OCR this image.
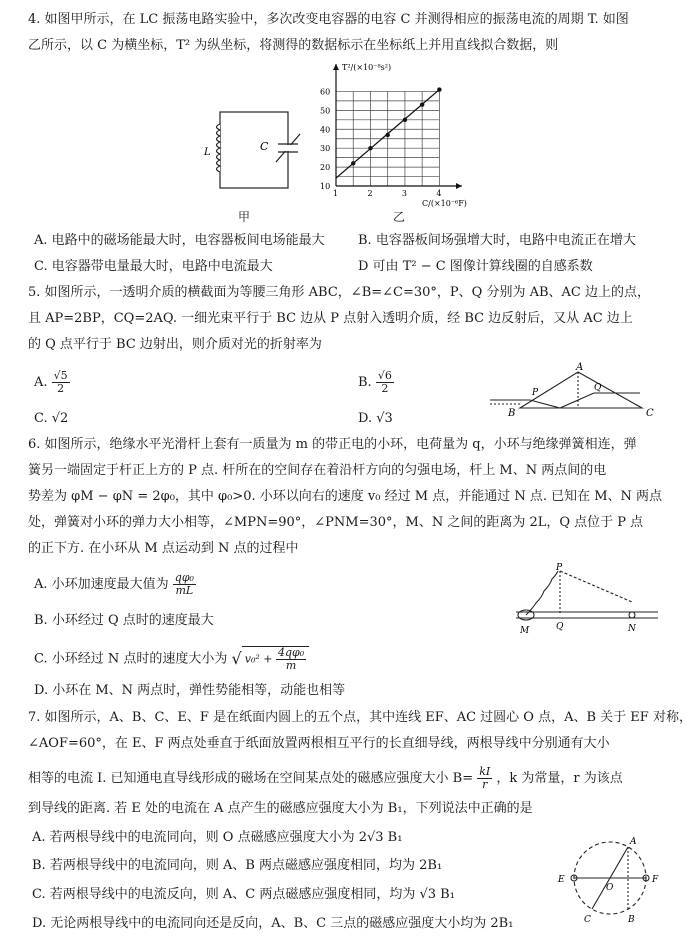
4. 如图甲所示，在 LC 振荡电路实验中，多次改变电容器的电容 C 并测得相应的振荡电流的周期 T. 如图
乙所示，以 C 为横坐标，T² 为纵坐标，将测得的数据标示在坐标纸上并用直线拟合数据，则
L	C
甲
1	2	3	4
10
20
30
40
50
60
T²/(×10⁻⁸s²)
C/(×10⁻⁶F)
乙
A. 电路中的磁场能最大时，电容器板间电场能最大	B. 电容器板间场强增大时，电路中电流正在增大
C. 电容器带电量最大时，电路中电流最大	D 可由 T² − C 图像计算线圈的自感系数
5. 如图所示，一透明介质的横截面为等腰三角形 ABC，∠B=∠C=30°，P、Q 分别为 AB、AC 边上的点，
且 AP=2BP，CQ=2AQ. 一细光束平行于 BC 边从 P 点射入透明介质，经 BC 边反射后，又从 AC 边上
的 Q 点平行于 BC 边射出，则介质对光的折射率为
A. $\frac{√5}{2}$	B. $\frac{√6}{2}$
C. √2	D. √3
A
B	C
P	Q
6. 如图所示，绝缘水平光滑杆上套有一质量为 m 的带正电的小环，电荷量为 q，小环与绝缘弹簧相连，弹
簧另一端固定于杆正上方的 P 点. 杆所在的空间存在着沿杆方向的匀强电场，杆上 M、N 两点间的电
势差为 φM − φN = 2φ₀，其中 φ₀>0. 小环以向右的速度 v₀ 经过 M 点，并能通过 N 点. 已知在 M、N 两点
处，弹簧对小环的弹力大小相等，∠MPN=90°，∠PNM=30°，M、N 之间的距离为 2L，Q 点位于 P 点
的正下方. 在小环从 M 点运动到 N 点的过程中
A. 小环加速度最大值为 $\frac{\text{qφ₀}}{mL}$
B. 小环经过 Q 点时的速度最大
C. 小环经过 N 点时的速度大小为 √ $v_0^2 + \frac{\text{4qφ₀}}{m}$
D. 小环在 M、N 两点时，弹性势能相等，动能也相等
P
M	Q	N
7. 如图所示，A、B、C、E、F 是在纸面内圆上的五个点，其中连线 EF、AC 过圆心 O 点，A、B 关于 EF 对称，
∠AOF=60°，在 E、F 两点处垂直于纸面放置两根相互平行的长直细导线，两根导线中分别通有大小
相等的电流 I. 已知通电直导线形成的磁场在空间某点处的磁感应强度大小 $B= \frac{kI}{r}$ ，k 为常量，r 为该点
到导线的距离. 若 E 处的电流在 A 点产生的磁感应强度大小为 B₁，下列说法中正确的是
A. 若两根导线中的电流同向，则 O 点磁感应强度大小为 2√3 B₁
B. 若两根导线中的电流同向，则 A、B 两点磁感应强度相同，均为 2B₁
C. 若两根导线中的电流反向，则 A、C 两点磁感应强度相同，均为 √3 B₁
D. 无论两根导线中的电流同向还是反向，A、B、C 三点的磁感应强度大小均为 2B₁
A
B
C
E	F
O
